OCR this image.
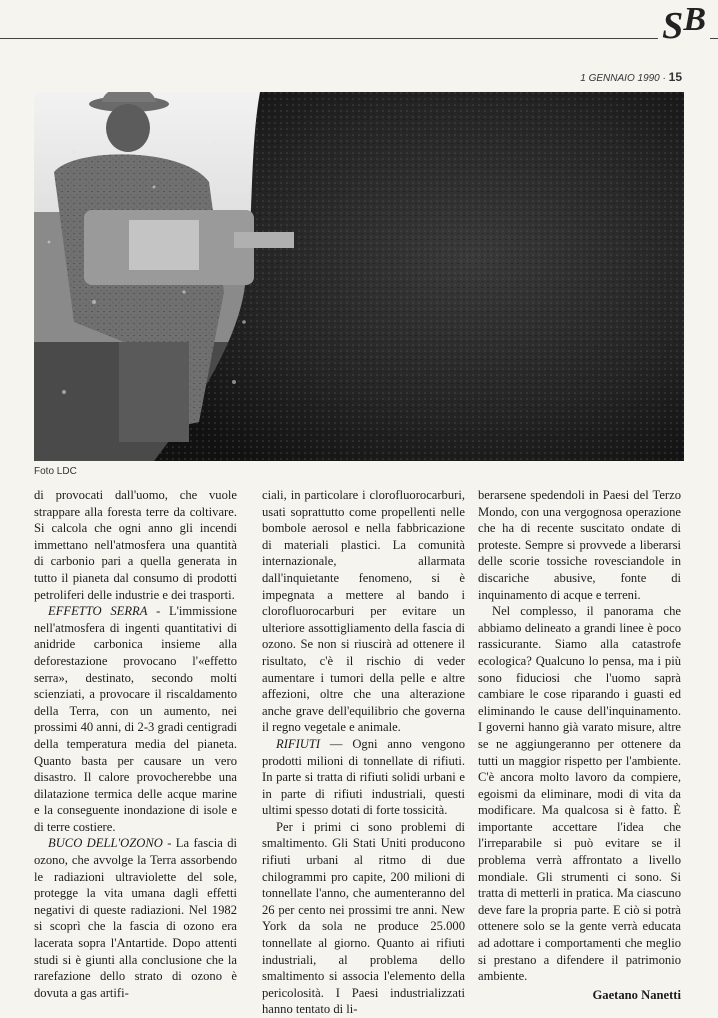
SB
1 GENNAIO 1990 · 15
Foto LDC

di provocati dall'uomo, che vuole strappare alla foresta terre da coltivare. Si calcola che ogni anno gli incendi immettano nell'atmosfera una quantità di carbonio pari a quella generata in tutto il pianeta dal consumo di prodotti petroliferi delle industrie e dei trasporti.

EFFETTO SERRA - L'immissione nell'atmosfera di ingenti quantitativi di anidride carbonica insieme alla deforestazione provocano l'«effetto serra», destinato, secondo molti scienziati, a provocare il riscaldamento della Terra, con un aumento, nei prossimi 40 anni, di 2-3 gradi centigradi della temperatura media del pianeta. Quanto basta per causare un vero disastro. Il calore provocherebbe una dilatazione termica delle acque marine e la conseguente inondazione di isole e di terre costiere.

BUCO DELL'OZONO - La fascia di ozono, che avvolge la Terra assorbendo le radiazioni ultraviolette del sole, protegge la vita umana dagli effetti negativi di queste radiazioni. Nel 1982 si scoprì che la fascia di ozono era lacerata sopra l'Antartide. Dopo attenti studi si è giunti alla conclusione che la rarefazione dello strato di ozono è dovuta a gas artifi-

ciali, in particolare i clorofluorocarburi, usati soprattutto come propellenti nelle bombole aerosol e nella fabbricazione di materiali plastici. La comunità internazionale, allarmata dall'inquietante fenomeno, si è impegnata a mettere al bando i clorofluorocarburi per evitare un ulteriore assottigliamento della fascia di ozono. Se non si riuscirà ad ottenere il risultato, c'è il rischio di veder aumentare i tumori della pelle e altre affezioni, oltre che una alterazione anche grave dell'equilibrio che governa il regno vegetale e animale.

RIFIUTI — Ogni anno vengono prodotti milioni di tonnellate di rifiuti. In parte si tratta di rifiuti solidi urbani e in parte di rifiuti industriali, questi ultimi spesso dotati di forte tossicità.

Per i primi ci sono problemi di smaltimento. Gli Stati Uniti producono rifiuti urbani al ritmo di due chilogrammi pro capite, 200 milioni di tonnellate l'anno, che aumenteranno del 26 per cento nei prossimi tre anni. New York da sola ne produce 25.000 tonnellate al giorno. Quanto ai rifiuti industriali, al problema dello smaltimento si associa l'elemento della pericolosità. I Paesi industrializzati hanno tentato di li-

berarsene spedendoli in Paesi del Terzo Mondo, con una vergognosa operazione che ha di recente suscitato ondate di proteste. Sempre si provvede a liberarsi delle scorie tossiche rovesciandole in discariche abusive, fonte di inquinamento di acque e terreni.

Nel complesso, il panorama che abbiamo delineato a grandi linee è poco rassicurante. Siamo alla catastrofe ecologica? Qualcuno lo pensa, ma i più sono fiduciosi che l'uomo saprà cambiare le cose riparando i guasti ed eliminando le cause dell'inquinamento. I governi hanno già varato misure, altre se ne aggiungeranno per ottenere da tutti un maggior rispetto per l'ambiente. C'è ancora molto lavoro da compiere, egoismi da eliminare, modi di vita da modificare. Ma qualcosa si è fatto. È importante accettare l'idea che l'irreparabile si può evitare se il problema verrà affrontato a livello mondiale. Gli strumenti ci sono. Si tratta di metterli in pratica. Ma ciascuno deve fare la propria parte. E ciò si potrà ottenere solo se la gente verrà educata ad adottare i comportamenti che meglio si prestano a difendere il patrimonio ambiente.

Gaetano Nanetti
